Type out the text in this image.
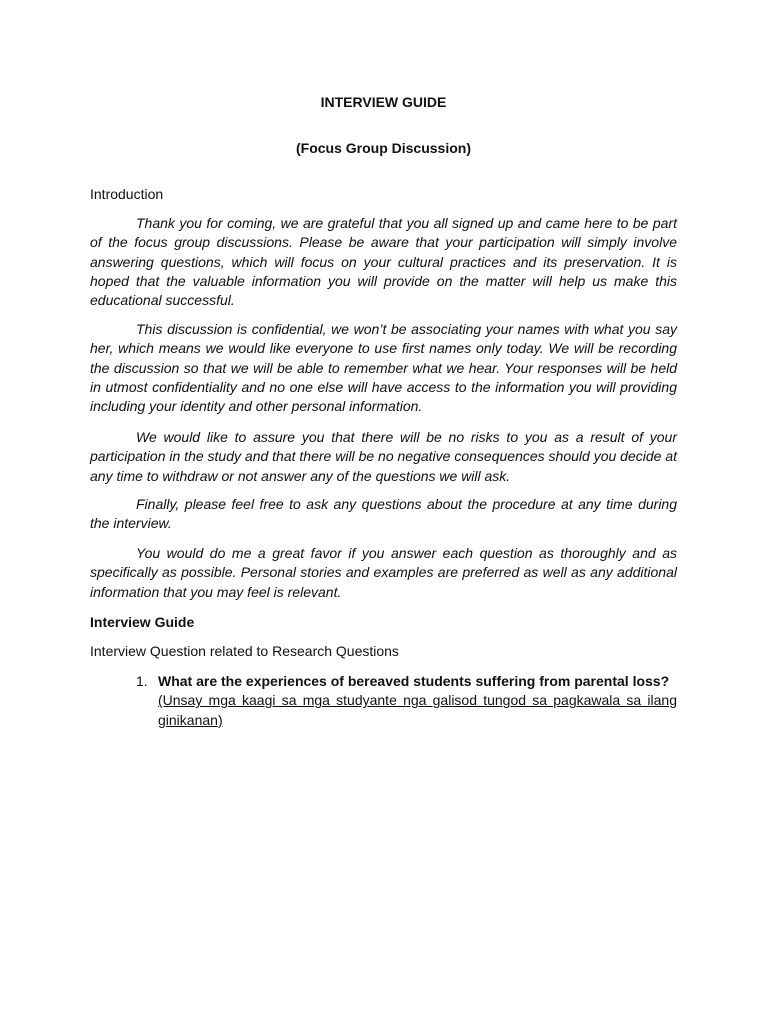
INTERVIEW GUIDE
(Focus Group Discussion)
Introduction

Thank you for coming, we are grateful that you all signed up and came here to be part of the focus group discussions. Please be aware that your participation will simply involve answering questions, which will focus on your cultural practices and its preservation. It is hoped that the valuable information you will provide on the matter will help us make this educational successful.

This discussion is confidential, we won’t be associating your names with what you say her, which means we would like everyone to use first names only today. We will be recording the discussion so that we will be able to remember what we hear. Your responses will be held in utmost confidentiality and no one else will have access to the information you will providing including your identity and other personal information.

We would like to assure you that there will be no risks to you as a result of your participation in the study and that there will be no negative consequences should you decide at any time to withdraw or not answer any of the questions we will ask.

Finally, please feel free to ask any questions about the procedure at any time during the interview.

You would do me a great favor if you answer each question as thoroughly and as specifically as possible. Personal stories and examples are preferred as well as any additional information that you may feel is relevant.

Interview Guide
Interview Question related to Research Questions
1. What are the experiences of bereaved students suffering from parental loss?
(Unsay mga kaagi sa mga studyante nga galisod tungod sa pagkawala sa ilang ginikanan)
